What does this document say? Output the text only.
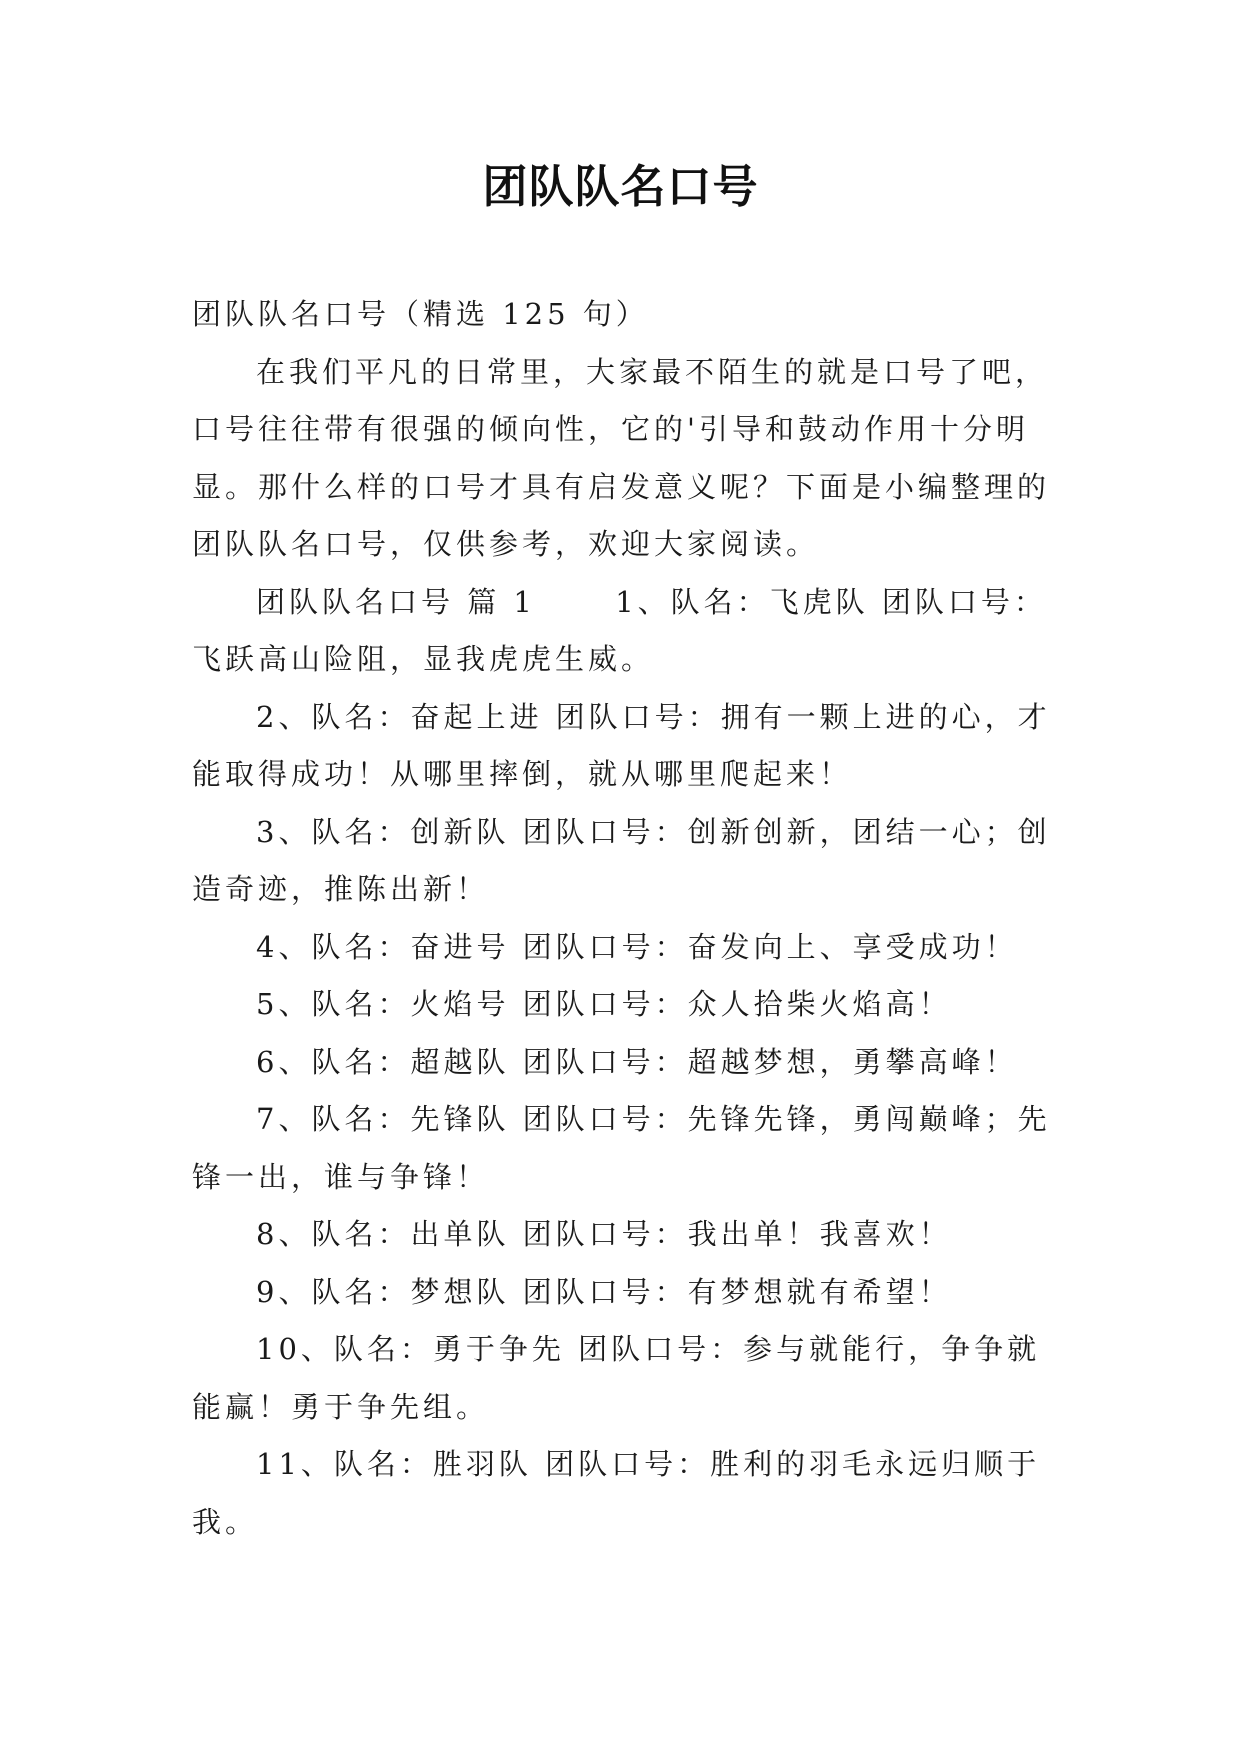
团队队名口号

团队队名口号（精选 125 句）

在我们平凡的日常里，大家最不陌生的就是口号了吧，口号往往带有很强的倾向性，它的'引导和鼓动作用十分明显。那什么样的口号才具有启发意义呢？下面是小编整理的团队队名口号，仅供参考，欢迎大家阅读。

团队队名口号 篇 1      1、队名：飞虎队 团队口号：飞跃高山险阻，显我虎虎生威。

2、队名：奋起上进 团队口号：拥有一颗上进的心，才能取得成功！从哪里摔倒，就从哪里爬起来！

3、队名：创新队 团队口号：创新创新，团结一心；创造奇迹，推陈出新！

4、队名：奋进号 团队口号：奋发向上、享受成功！

5、队名：火焰号 团队口号：众人拾柴火焰高！

6、队名：超越队 团队口号：超越梦想，勇攀高峰！

7、队名：先锋队 团队口号：先锋先锋，勇闯巅峰；先锋一出，谁与争锋！

8、队名：出单队 团队口号：我出单！我喜欢！

9、队名：梦想队 团队口号：有梦想就有希望！

10、队名：勇于争先 团队口号：参与就能行，争争就能赢！勇于争先组。

11、队名：胜羽队 团队口号：胜利的羽毛永远归顺于我。
